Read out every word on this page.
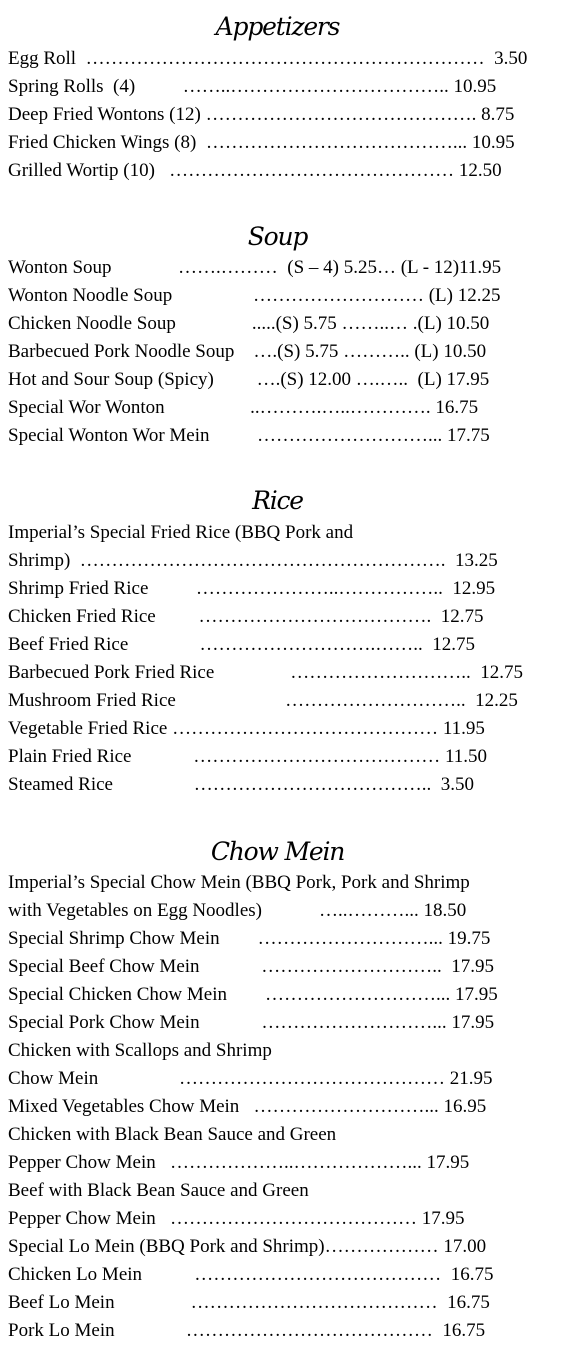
Appetizers
Egg Roll  ………………………………………………………  3.50
Spring Rolls  (4)          ……..…………………………….. 10.95
Deep Fried Wontons (12) ……………………………………. 8.75
Fried Chicken Wings (8)  …………………………………... 10.95
Grilled Wortip (10)   ……………………………………… 12.50
Soup
Wonton Soup              …….………  (S – 4) 5.25… (L - 12)11.95
Wonton Noodle Soup                 ……………………… (L) 12.25
Chicken Noodle Soup                .....(S) 5.75 ……..… .(L) 10.50
Barbecued Pork Noodle Soup    ….(S) 5.75 ……….. (L) 10.50
Hot and Sour Soup (Spicy)         ….(S) 12.00 ….…..  (L) 17.95
Special Wor Wonton                  ..……….…..…………. 16.75
Special Wonton Wor Mein          ………………………... 17.75
Rice
Imperial’s Special Fried Rice (BBQ Pork and
Shrimp)  ………………………………………………….  13.25
Shrimp Fried Rice          …………………..……………..  12.95
Chicken Fried Rice         ……………………………….  12.75
Beef Fried Rice               ……………………….……..  12.75
Barbecued Pork Fried Rice                ………………………..  12.75
Mushroom Fried Rice                       ………………………..  12.25
Vegetable Fried Rice …………………………………… 11.95
Plain Fried Rice             ………………………………… 11.50
Steamed Rice                 ………………………………..  3.50
Chow Mein
Imperial’s Special Chow Mein (BBQ Pork, Pork and Shrimp
with Vegetables on Egg Noodles)            …..………... 18.50
Special Shrimp Chow Mein        ………………………... 19.75
Special Beef Chow Mein             ………………………..  17.95
Special Chicken Chow Mein        ………………………... 17.95
Special Pork Chow Mein             ………………………... 17.95
Chicken with Scallops and Shrimp
Chow Mein                 …………………………………… 21.95
Mixed Vegetables Chow Mein   ………………………... 16.95
Chicken with Black Bean Sauce and Green
Pepper Chow Mein   ………………..………………... 17.95
Beef with Black Bean Sauce and Green
Pepper Chow Mein   ………………………………… 17.95
Special Lo Mein (BBQ Pork and Shrimp)……………… 17.00
Chicken Lo Mein           …………………………………  16.75
Beef Lo Mein                …………………………………  16.75
Pork Lo Mein               …………………………………  16.75
